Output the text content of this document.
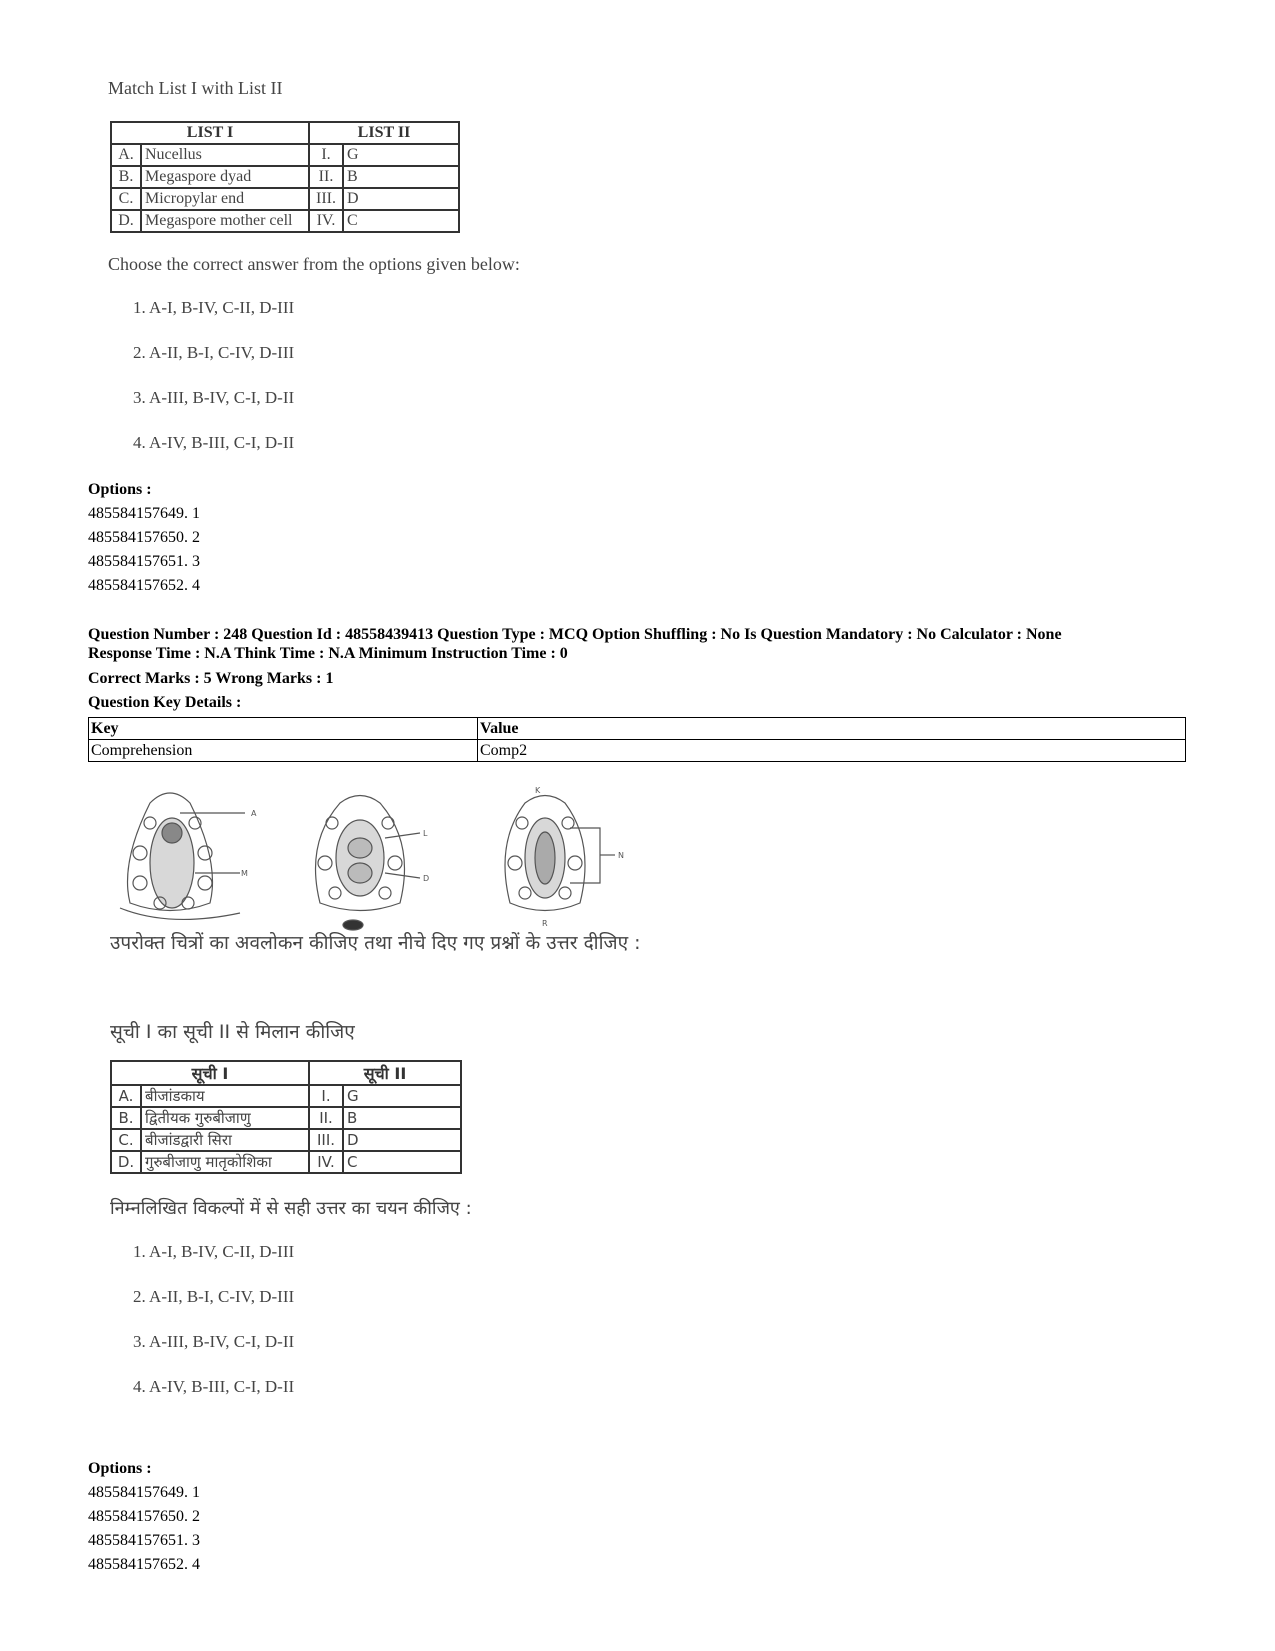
Match List I with List II
LIST I		LIST II	
A.	Nucellus	I.	G
B.	Megaspore dyad	II.	B
C.	Micropylar end	III.	D
D.	Megaspore mother cell	IV.	C
Choose the correct answer from the options given below:
1. A-I, B-IV, C-II, D-III
2. A-II, B-I, C-IV, D-III
3. A-III, B-IV, C-I, D-II
4. A-IV, B-III, C-I, D-II
Options :
485584157649. 1
485584157650. 2
485584157651. 3
485584157652. 4
Question Number : 248 Question Id : 48558439413 Question Type : MCQ Option Shuffling : No Is Question Mandatory : No Calculator : None
Response Time : N.A Think Time : N.A Minimum Instruction Time : 0
Correct Marks : 5 Wrong Marks : 1
Question Key Details :
Key	Value
Comprehension	Comp2
A
M
L
D
K
N
R
उपरोक्त चित्रों का अवलोकन कीजिए तथा नीचे दिए गए प्रश्नों के उत्तर दीजिए :
सूची I का सूची II से मिलान कीजिए
सूची I		सूची II	
A.	बीजांडकाय	I.	G
B.	द्वितीयक गुरुबीजाणु	II.	B
C.	बीजांडद्वारी सिरा	III.	D
D.	गुरुबीजाणु मातृकोशिका	IV.	C
निम्नलिखित विकल्पों में से सही उत्तर का चयन कीजिए :
1. A-I, B-IV, C-II, D-III
2. A-II, B-I, C-IV, D-III
3. A-III, B-IV, C-I, D-II
4. A-IV, B-III, C-I, D-II
Options :
485584157649. 1
485584157650. 2
485584157651. 3
485584157652. 4
